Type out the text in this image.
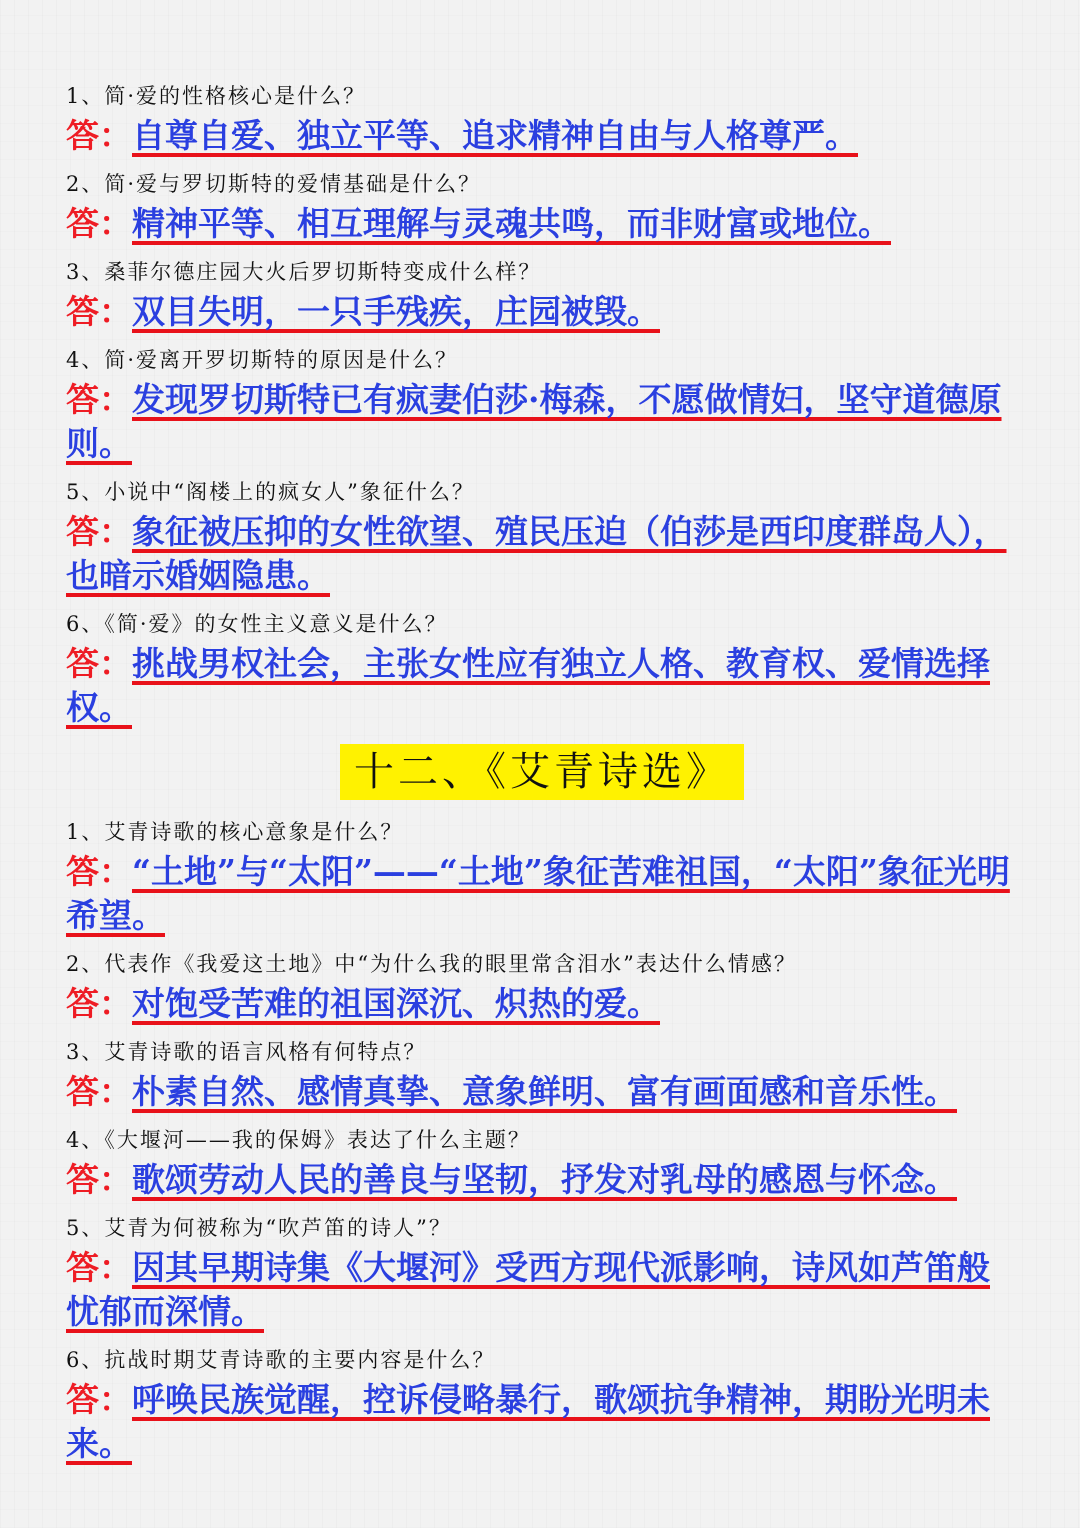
1、简·爱的性格核心是什么？
答：自尊自爱、独立平等、追求精神自由与人格尊严。
2、简·爱与罗切斯特的爱情基础是什么？
答：精神平等、相互理解与灵魂共鸣，而非财富或地位。
3、桑菲尔德庄园大火后罗切斯特变成什么样？
答：双目失明，一只手残疾，庄园被毁。
4、简·爱离开罗切斯特的原因是什么？
答：发现罗切斯特已有疯妻伯莎·梅森，不愿做情妇，坚守道德原则。
5、小说中“阁楼上的疯女人”象征什么？
答：象征被压抑的女性欲望、殖民压迫（伯莎是西印度群岛人），也暗示婚姻隐患。
6、《简·爱》的女性主义意义是什么？
答：挑战男权社会，主张女性应有独立人格、教育权、爱情选择权。
十二、《艾青诗选》
1、艾青诗歌的核心意象是什么？
答：“土地”与“太阳”——“土地”象征苦难祖国，“太阳”象征光明希望。
2、代表作《我爱这土地》中“为什么我的眼里常含泪水”表达什么情感？
答：对饱受苦难的祖国深沉、炽热的爱。
3、艾青诗歌的语言风格有何特点？
答：朴素自然、感情真挚、意象鲜明、富有画面感和音乐性。
4、《大堰河——我的保姆》表达了什么主题？
答：歌颂劳动人民的善良与坚韧，抒发对乳母的感恩与怀念。
5、艾青为何被称为“吹芦笛的诗人”？
答：因其早期诗集《大堰河》受西方现代派影响，诗风如芦笛般忧郁而深情。
6、抗战时期艾青诗歌的主要内容是什么？
答：呼唤民族觉醒，控诉侵略暴行，歌颂抗争精神，期盼光明未来。
